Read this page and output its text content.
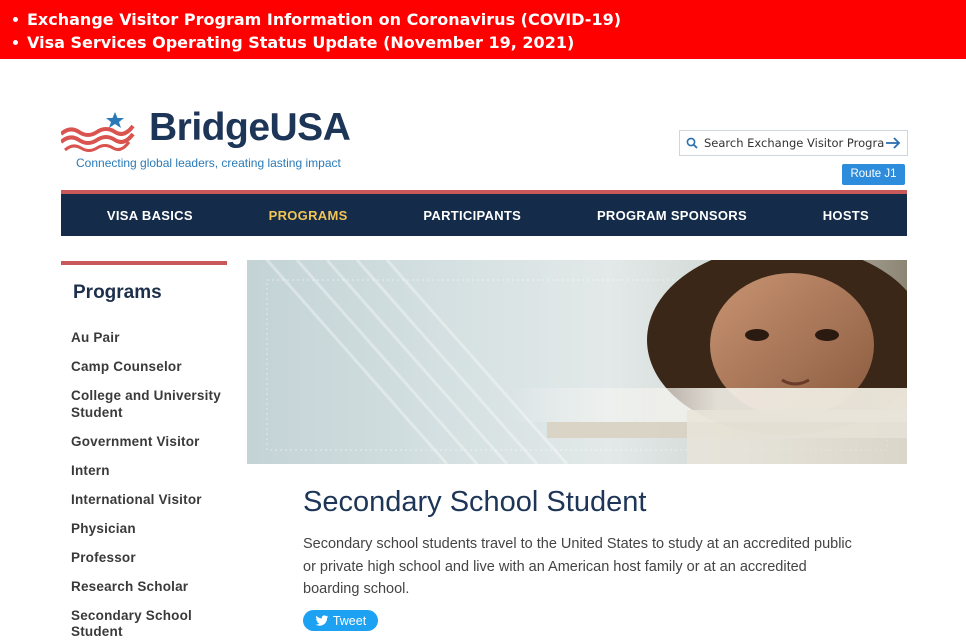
Exchange Visitor Program Information on Coronavirus (COVID-19)
Visa Services Operating Status Update (November 19, 2021)
BridgeUSA
Connecting global leaders, creating lasting impact
Search Exchange Visitor Program
Route J1
VISA BASICS	PROGRAMS	PARTICIPANTS	PROGRAM SPONSORS	HOSTS
Programs
Au Pair
Camp Counselor
College and University Student
Government Visitor
Intern
International Visitor
Physician
Professor
Research Scholar
Secondary School Student
Secondary School Student

Secondary school students travel to the United States to study at an accredited public or private high school and live with an American host family or at an accredited boarding school.

Tweet
